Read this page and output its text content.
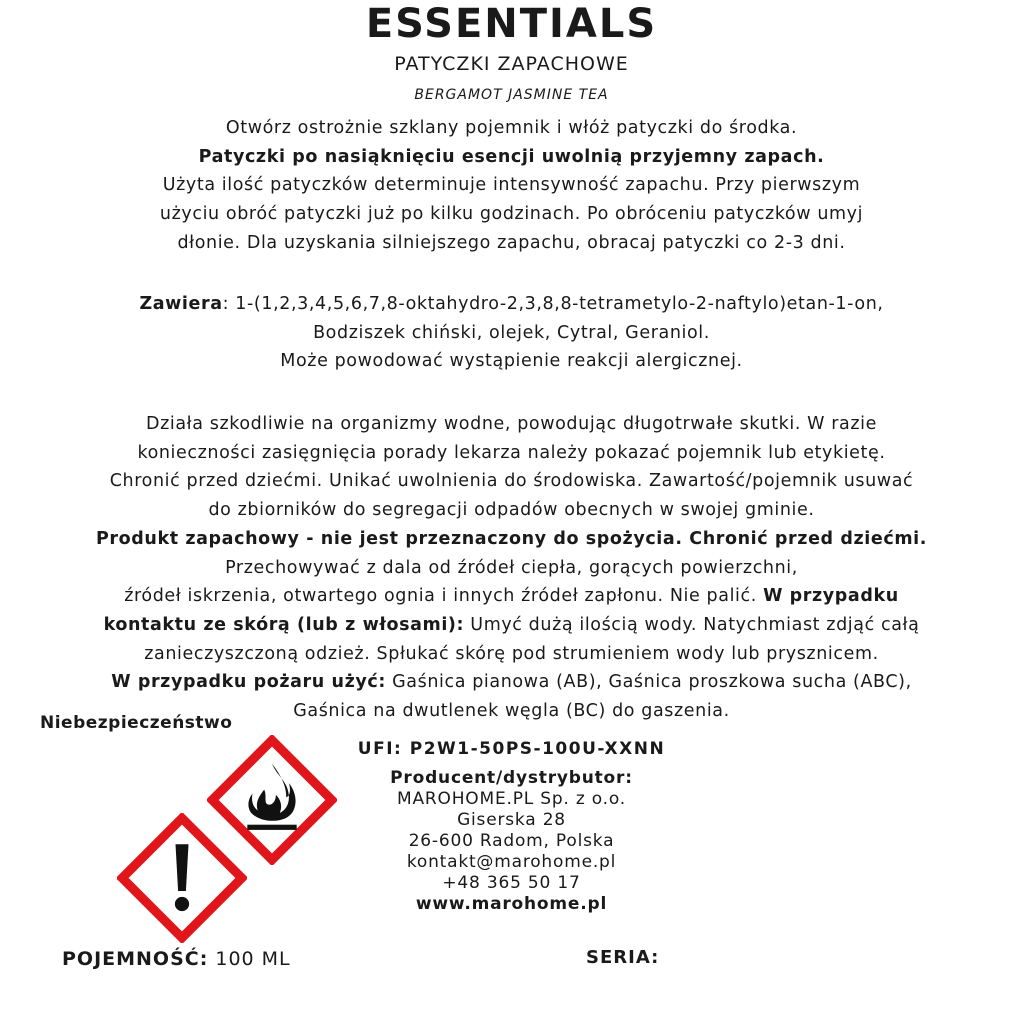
ESSENTIALS
PATYCZKI ZAPACHOWE
BERGAMOT JASMINE TEA
Otwórz ostrożnie szklany pojemnik i włóż patyczki do środka.
Patyczki po nasiąknięciu esencji uwolnią przyjemny zapach.
Użyta ilość patyczków determinuje intensywność zapachu. Przy pierwszym
użyciu obróć patyczki już po kilku godzinach. Po obróceniu patyczków umyj
dłonie. Dla uzyskania silniejszego zapachu, obracaj patyczki co 2-3 dni.
Zawiera: 1-(1,2,3,4,5,6,7,8-oktahydro-2,3,8,8-tetrametylo-2-naftylo)etan-1-on,
Bodziszek chiński, olejek, Cytral, Geraniol.
Może powodować wystąpienie reakcji alergicznej.
Działa szkodliwie na organizmy wodne, powodując długotrwałe skutki. W razie
konieczności zasięgnięcia porady lekarza należy pokazać pojemnik lub etykietę.
Chronić przed dziećmi. Unikać uwolnienia do środowiska. Zawartość/pojemnik usuwać
do zbiorników do segregacji odpadów obecnych w swojej gminie.
Produkt zapachowy - nie jest przeznaczony do spożycia. Chronić przed dziećmi.
Przechowywać z dala od źródeł ciepła, gorących powierzchni,
źródeł iskrzenia, otwartego ognia i innych źródeł zapłonu. Nie palić. W przypadku
kontaktu ze skórą (lub z włosami): Umyć dużą ilością wody. Natychmiast zdjąć całą
zanieczyszczoną odzież. Spłukać skórę pod strumieniem wody lub prysznicem.
W przypadku pożaru użyć: Gaśnica pianowa (AB), Gaśnica proszkowa sucha (ABC),
Gaśnica na dwutlenek węgla (BC) do gaszenia.
Niebezpieczeństwo
UFI: P2W1-50PS-100U-XXNN
Producent/dystrybutor:
MAROHOME.PL Sp. z o.o.
Giserska 28
26-600 Radom, Polska
kontakt@marohome.pl
+48 365 50 17
www.marohome.pl
POJEMNOŚĆ: 100 ML	SERIA:
